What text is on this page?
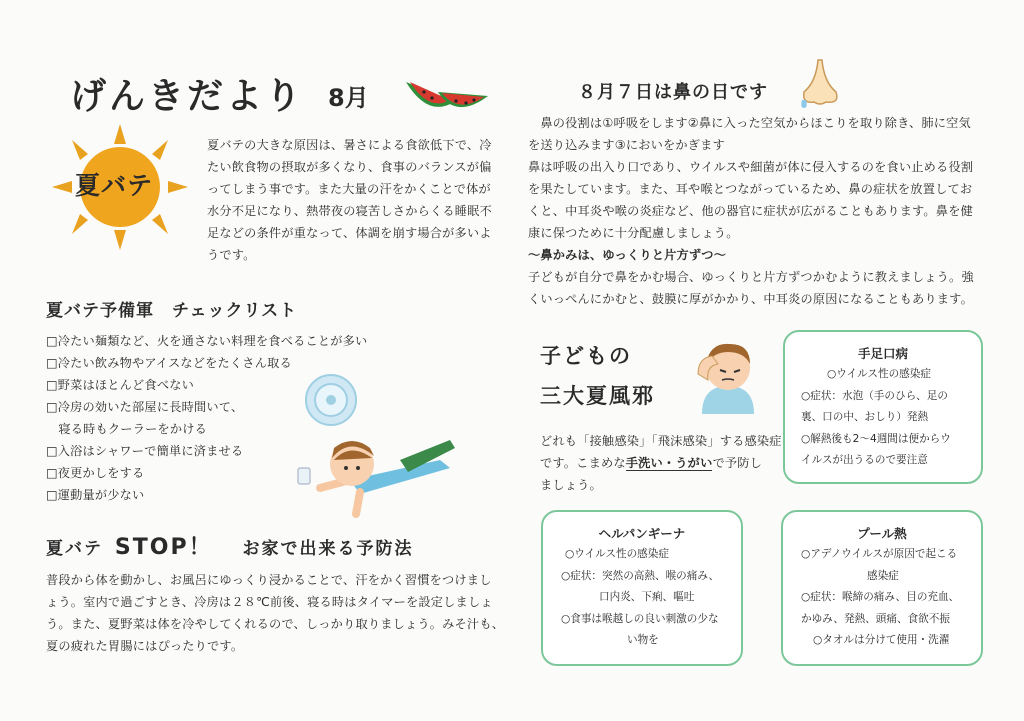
げんきだより 8月
夏バテ
夏バテの大きな原因は、暑さによる食欲低下で、冷
たい飲食物の摂取が多くなり、食事のバランスが偏
ってしまう事です。また大量の汗をかくことで体が
水分不足になり、熱帯夜の寝苦しさからくる睡眠不
足などの条件が重なって、体調を崩す場合が多いよ
うです。
夏バテ予備軍　チェックリスト
□冷たい麺類など、火を通さない料理を食べることが多い
□冷たい飲み物やアイスなどをたくさん取る
□野菜はほとんど食べない
□冷房の効いた部屋に長時間いて、
　寝る時もクーラーをかける
□入浴はシャワーで簡単に済ませる
□夜更かしをする
□運動量が少ない
夏バテ STOP！ お家で出来る予防法
普段から体を動かし、お風呂にゆっくり浸かることで、汗をかく習慣をつけまし
ょう。室内で過ごすとき、冷房は２８℃前後、寝る時はタイマーを設定しましょ
う。また、夏野菜は体を冷やしてくれるので、しっかり取りましょう。みそ汁も、
夏の疲れた胃腸にはぴったりです。
８月７日は鼻の日です
　鼻の役割は①呼吸をします②鼻に入った空気からほこりを取り除き、肺に空気
を送り込みます③においをかぎます
鼻は呼吸の出入り口であり、ウイルスや細菌が体に侵入するのを食い止める役割
を果たしています。また、耳や喉とつながっているため、鼻の症状を放置してお
くと、中耳炎や喉の炎症など、他の器官に症状が広がることもあります。鼻を健
康に保つために十分配慮しましょう。
～鼻かみは、ゆっくりと片方ずつ～
子どもが自分で鼻をかむ場合、ゆっくりと片方ずつかむように教えましょう。強
くいっぺんにかむと、鼓膜に厚がかかり、中耳炎の原因になることもあります。
子どもの
三大夏風邪
どれも「接触感染」「飛沫感染」する感染症
です。こまめな手洗い・うがいで予防し
ましょう。
手足口病
○ウイルス性の感染症
○症状：水泡（手のひら、足の
裏、口の中、おしり）発熱
○解熱後も2～4週間は便からウ
イルスが出うるので要注意
ヘルパンギーナ
○ウイルス性の感染症
○症状：突然の高熱、喉の痛み、
口内炎、下痢、嘔吐
○食事は喉越しの良い刺激の少な
い物を
プール熱
○アデノウイルスが原因で起こる
感染症
○症状：喉締の痛み、目の充血、
かゆみ、発熱、頭痛、食欲不振
○タオルは分けて使用・洗濯
